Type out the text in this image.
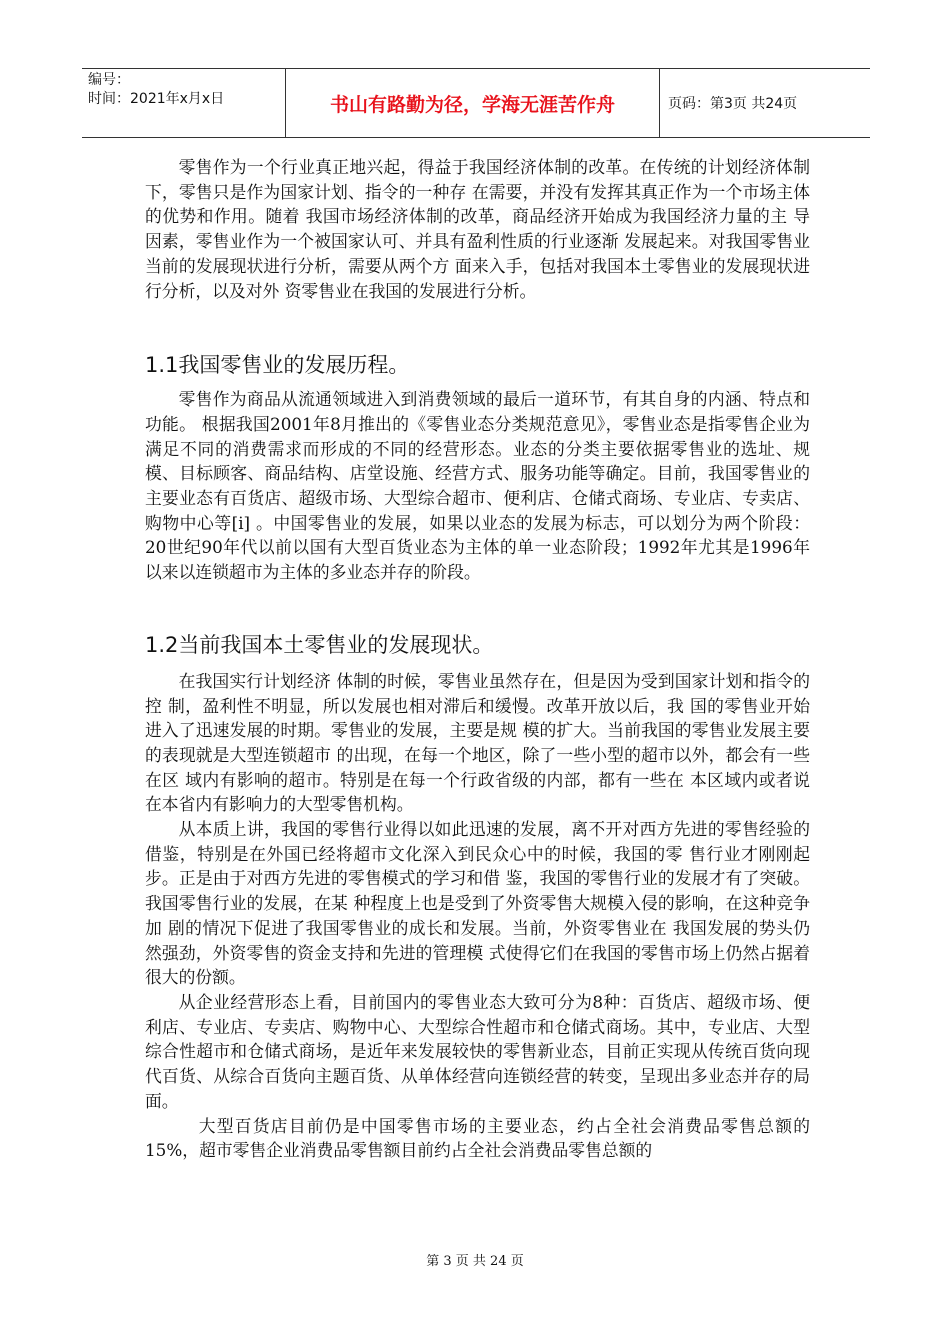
编号：
时间：2021年x月x日	书山有路勤为径，学海无涯苦作舟	页码：第3页 共24页

零售作为一个行业真正地兴起，得益于我国经济体制的改革。在传统的计划经济体制下，零售只是作为国家计划、指令的一种存 在需要，并没有发挥其真正作为一个市场主体的优势和作用。随着 我国市场经济体制的改革，商品经济开始成为我国经济力量的主 导因素，零售业作为一个被国家认可、并具有盈利性质的行业逐渐 发展起来。对我国零售业当前的发展现状进行分析，需要从两个方 面来入手，包括对我国本土零售业的发展现状进行分析，以及对外 资零售业在我国的发展进行分析。

1.1我国零售业的发展历程。

零售作为商品从流通领域进入到消费领域的最后一道环节，有其自身的内涵、特点和功能。 根据我国2001年8月推出的《零售业态分类规范意见》，零售业态是指零售企业为满足不同的消费需求而形成的不同的经营形态。业态的分类主要依据零售业的选址、规模、目标顾客、商品结构、店堂设施、经营方式、服务功能等确定。目前，我国零售业的主要业态有百货店、超级市场、大型综合超市、便利店、仓储式商场、专业店、专卖店、购物中心等[i] 。中国零售业的发展，如果以业态的发展为标志，可以划分为两个阶段：20世纪90年代以前以国有大型百货业态为主体的单一业态阶段；1992年尤其是1996年以来以连锁超市为主体的多业态并存的阶段。

1.2当前我国本土零售业的发展现状。

在我国实行计划经济 体制的时候，零售业虽然存在，但是因为受到国家计划和指令的控 制，盈利性不明显，所以发展也相对滞后和缓慢。改革开放以后，我 国的零售业开始进入了迅速发展的时期。零售业的发展，主要是规 模的扩大。当前我国的零售业发展主要的表现就是大型连锁超市 的出现，在每一个地区，除了一些小型的超市以外，都会有一些在区 域内有影响的超市。特别是在每一个行政省级的内部，都有一些在 本区域内或者说在本省内有影响力的大型零售机构。

从本质上讲，我国的零售行业得以如此迅速的发展，离不开对西方先进的零售经验的借鉴，特别是在外国已经将超市文化深入到民众心中的时候，我国的零 售行业才刚刚起步。正是由于对西方先进的零售模式的学习和借 鉴，我国的零售行业的发展才有了突破。我国零售行业的发展，在某 种程度上也是受到了外资零售大规模入侵的影响，在这种竞争加 剧的情况下促进了我国零售业的成长和发展。当前，外资零售业在 我国发展的势头仍然强劲，外资零售的资金支持和先进的管理模 式使得它们在我国的零售市场上仍然占据着很大的份额。

从企业经营形态上看，目前国内的零售业态大致可分为8种：百货店、超级市场、便利店、专业店、专卖店、购物中心、大型综合性超市和仓储式商场。其中，专业店、大型综合性超市和仓储式商场，是近年来发展较快的零售新业态，目前正实现从传统百货向现代百货、从综合百货向主题百货、从单体经营向连锁经营的转变，呈现出多业态并存的局面。

大型百货店目前仍是中国零售市场的主要业态，约占全社会消费品零售总额的15%，超市零售企业消费品零售额目前约占全社会消费品零售总额的

第 3 页 共 24 页
